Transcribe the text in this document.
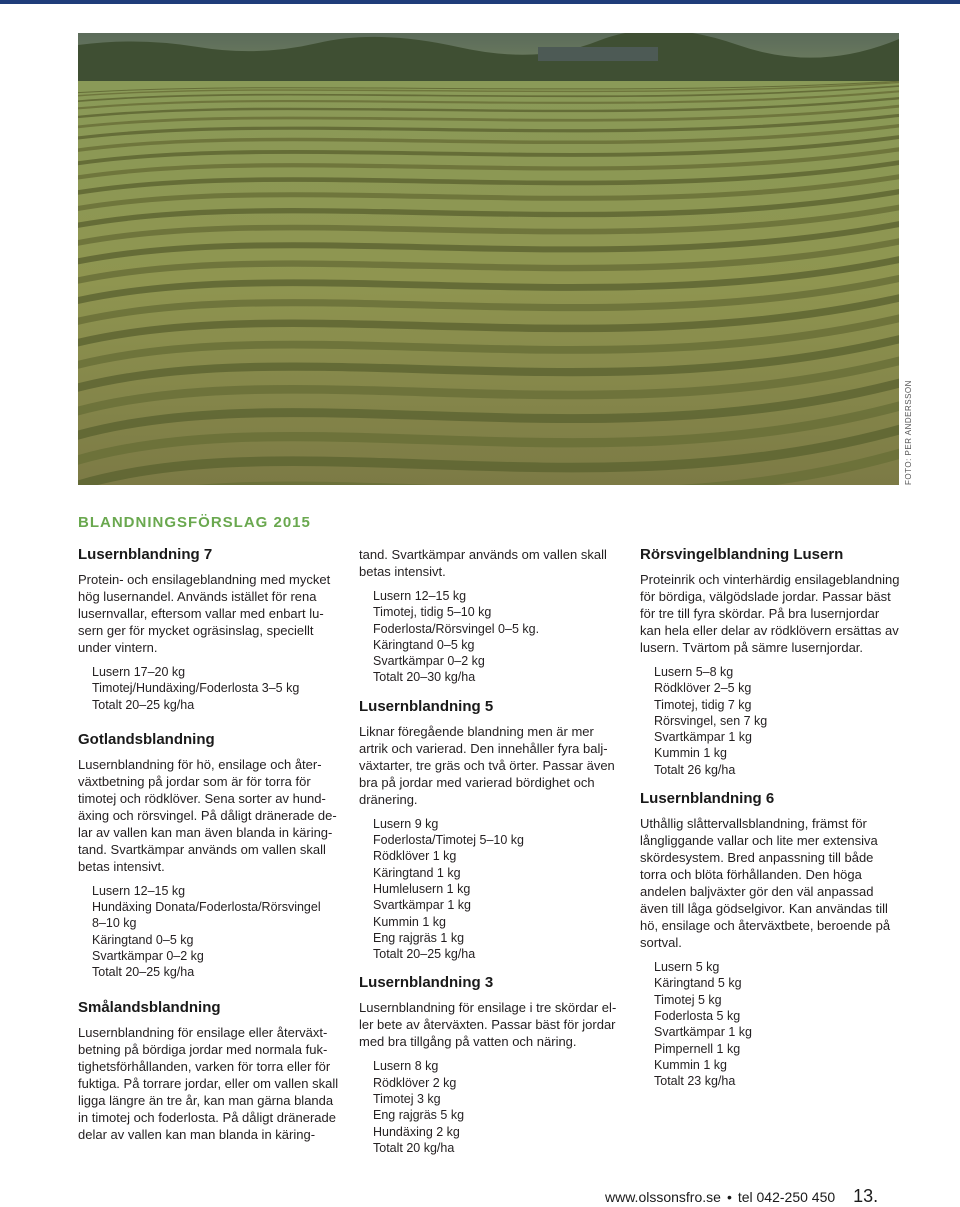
FOTO: PER ANDERSSON
BLANDNINGSFÖRSLAG 2015
Lusernblandning 7

Protein- och ensilageblandning med mycket hög lusernandel. Används istället för rena lusernvallar, eftersom vallar med enbart lusern ger för mycket ogräsinslag, speciellt under vintern.

Lusern 17–20 kg
Timotej/Hundäxing/Foderlosta 3–5 kg
Totalt 20–25 kg/ha
Gotlandsblandning

Lusernblandning för hö, ensilage och återväxtbetning på jordar som är för torra för timotej och rödklöver. Sena sorter av hundäxing och rörsvingel. På dåligt dränerade delar av vallen kan man även blanda in käringtand. Svartkämpar används om vallen skall betas intensivt.

Lusern 12–15 kg
Hundäxing Donata/Foderlosta/Rörsvingel
8–10 kg
Käringtand 0–5 kg
Svartkämpar 0–2 kg
Totalt 20–25 kg/ha
Smålandsblandning

Lusernblandning för ensilage eller återväxtbetning på bördiga jordar med normala fuktighetsförhållanden, varken för torra eller för fuktiga. På torrare jordar, eller om vallen skall ligga längre än tre år, kan man gärna blanda in timotej och foderlosta. På dåligt dränerade delar av vallen kan man blanda in käring-

tand. Svartkämpar används om vallen skall betas intensivt.

Lusern 12–15 kg
Timotej, tidig 5–10 kg
Foderlosta/Rörsvingel 0–5 kg.
Käringtand 0–5 kg
Svartkämpar 0–2 kg
Totalt 20–30 kg/ha
Lusernblandning 5

Liknar föregående blandning men är mer artrik och varierad. Den innehåller fyra baljväxtarter, tre gräs och två örter. Passar även bra på jordar med varierad bördighet och dränering.

Lusern 9 kg
Foderlosta/Timotej 5–10 kg
Rödklöver 1 kg
Käringtand 1 kg
Humlelusern 1 kg
Svartkämpar 1 kg
Kummin 1 kg
Eng rajgräs 1 kg
Totalt 20–25 kg/ha
Lusernblandning 3

Lusernblandning för ensilage i tre skördar eller bete av återväxten. Passar bäst för jordar med bra tillgång på vatten och näring.

Lusern 8 kg
Rödklöver 2 kg
Timotej 3 kg
Eng rajgräs 5 kg
Hundäxing 2 kg
Totalt 20 kg/ha
Rörsvingelblandning Lusern

Proteinrik och vinterhärdig ensilageblandning för bördiga, välgödslade jordar. Passar bäst för tre till fyra skördar. På bra lusernjordar kan hela eller delar av rödklövern ersättas av lusern. Tvärtom på sämre lusernjordar.

Lusern 5–8 kg
Rödklöver 2–5 kg
Timotej, tidig 7 kg
Rörsvingel, sen 7 kg
Svartkämpar 1 kg
Kummin 1 kg
Totalt 26 kg/ha
Lusernblandning 6

Uthållig slåttervallsblandning, främst för långliggande vallar och lite mer extensiva skördesystem. Bred anpassning till både torra och blöta förhållanden. Den höga andelen baljväxter gör den väl anpassad även till låga gödselgivor. Kan användas till hö, ensilage och återväxtbete, beroende på sortval.

Lusern 5 kg
Käringtand 5 kg
Timotej 5 kg
Foderlosta 5 kg
Svartkämpar 1 kg
Pimpernell 1 kg
Kummin 1 kg
Totalt 23 kg/ha
www.olssonsfro.se • tel 042-250 450 13.
